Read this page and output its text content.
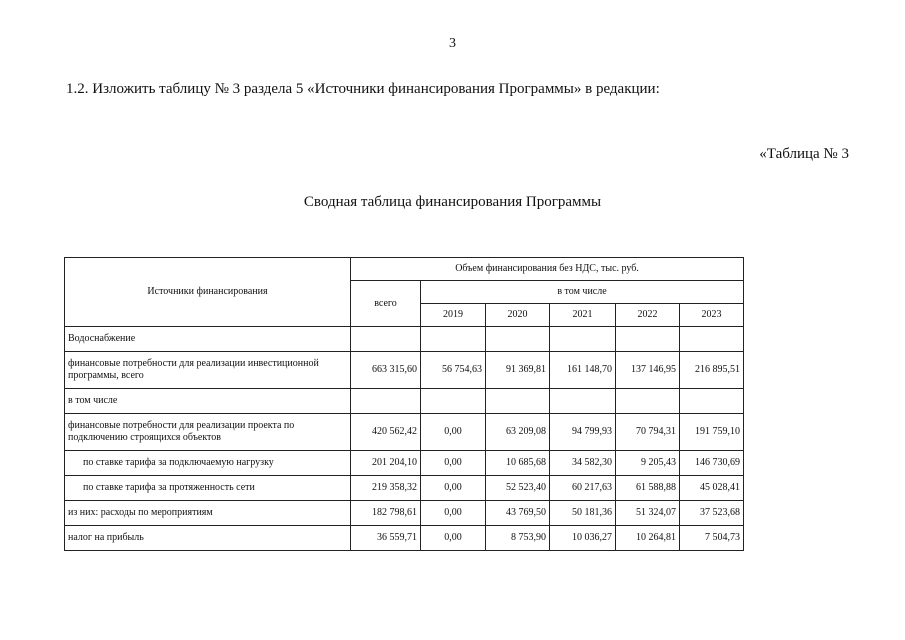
3
1.2. Изложить таблицу № 3 раздела 5 «Источники финансирования Программы» в редакции:
«Таблица № 3
Сводная таблица финансирования Программы
Источники финансирования	Объем финансирования без НДС, тыс. руб.					
	всего	в том числе				
		2019	2020	2021	2022	2023
Водоснабжение						
финансовые потребности для реализации инвестиционной программы, всего	663 315,60	56 754,63	91 369,81	161 148,70	137 146,95	216 895,51
в том числе						
финансовые потребности для реализации проекта по подключению строящихся объектов	420 562,42	0,00	63 209,08	94 799,93	70 794,31	191 759,10
по ставке тарифа за подключаемую нагрузку	201 204,10	0,00	10 685,68	34 582,30	9 205,43	146 730,69
по ставке тарифа за протяженность сети	219 358,32	0,00	52 523,40	60 217,63	61 588,88	45 028,41
из них: расходы по мероприятиям	182 798,61	0,00	43 769,50	50 181,36	51 324,07	37 523,68
налог на прибыль	36 559,71	0,00	8 753,90	10 036,27	10 264,81	7 504,73
